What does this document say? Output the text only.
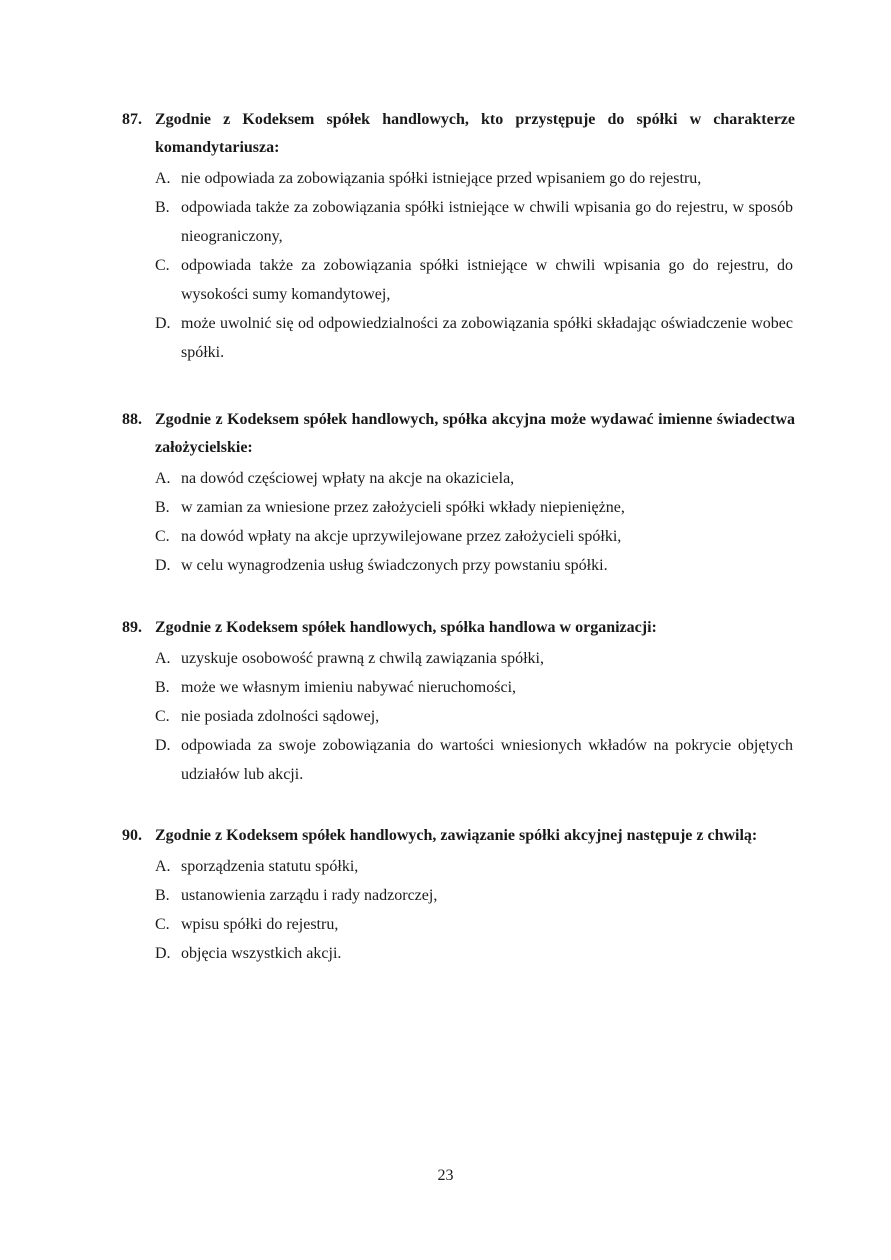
87. Zgodnie z Kodeksem spółek handlowych, kto przystępuje do spółki w charakterze komandytariusza:
A. nie odpowiada za zobowiązania spółki istniejące przed wpisaniem go do rejestru,
B. odpowiada także za zobowiązania spółki istniejące w chwili wpisania go do rejestru, w sposób nieograniczony,
C. odpowiada także za zobowiązania spółki istniejące w chwili wpisania go do rejestru, do wysokości sumy komandytowej,
D. może uwolnić się od odpowiedzialności za zobowiązania spółki składając oświadczenie wobec spółki.
88. Zgodnie z Kodeksem spółek handlowych, spółka akcyjna może wydawać imienne świadectwa założycielskie:
A. na dowód częściowej wpłaty na akcje na okaziciela,
B. w zamian za wniesione przez założycieli spółki wkłady niepieniężne,
C. na dowód wpłaty na akcje uprzywilejowane przez założycieli spółki,
D. w celu wynagrodzenia usług świadczonych przy powstaniu spółki.
89. Zgodnie z Kodeksem spółek handlowych, spółka handlowa w organizacji:
A. uzyskuje osobowość prawną z chwilą zawiązania spółki,
B. może we własnym imieniu nabywać nieruchomości,
C. nie posiada zdolności sądowej,
D. odpowiada za swoje zobowiązania do wartości wniesionych wkładów na pokrycie objętych udziałów lub akcji.
90. Zgodnie z Kodeksem spółek handlowych, zawiązanie spółki akcyjnej następuje z chwilą:
A. sporządzenia statutu spółki,
B. ustanowienia zarządu i rady nadzorczej,
C. wpisu spółki do rejestru,
D. objęcia wszystkich akcji.
23
